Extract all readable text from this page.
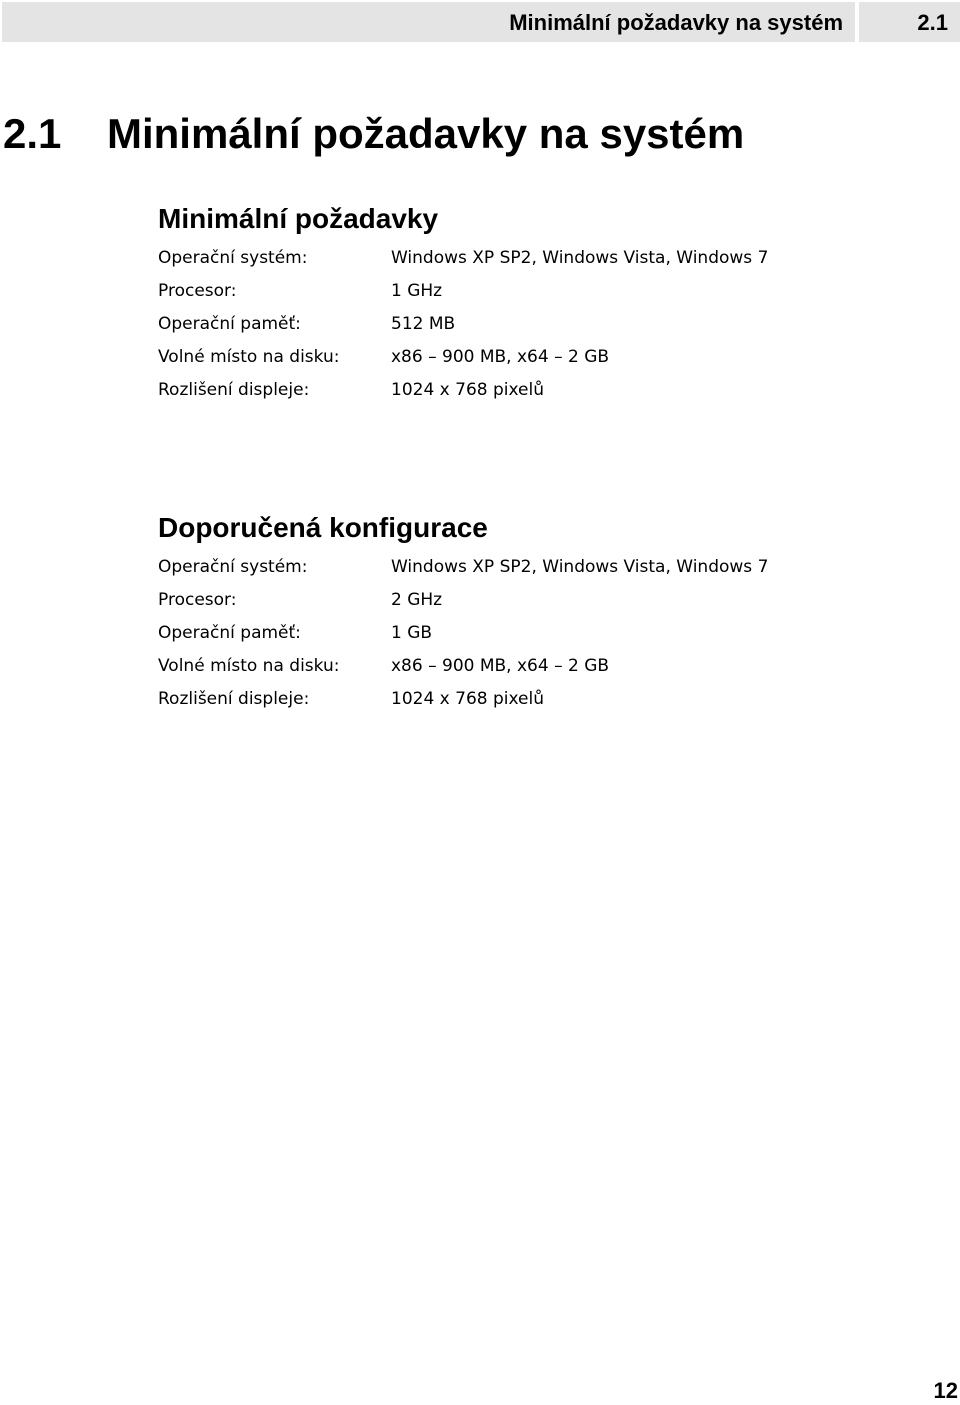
Minimální požadavky na systém	2.1
2.1 Minimální požadavky na systém
Minimální požadavky
Operační systém:	Windows XP SP2, Windows Vista, Windows 7
Procesor:	1 GHz
Operační paměť:	512 MB
Volné místo na disku:	x86 – 900 MB, x64 – 2 GB
Rozlišení displeje:	1024 x 768 pixelů
Doporučená konfigurace
Operační systém:	Windows XP SP2, Windows Vista, Windows 7
Procesor:	2 GHz
Operační paměť:	1 GB
Volné místo na disku:	x86 – 900 MB, x64 – 2 GB
Rozlišení displeje:	1024 x 768 pixelů
12
